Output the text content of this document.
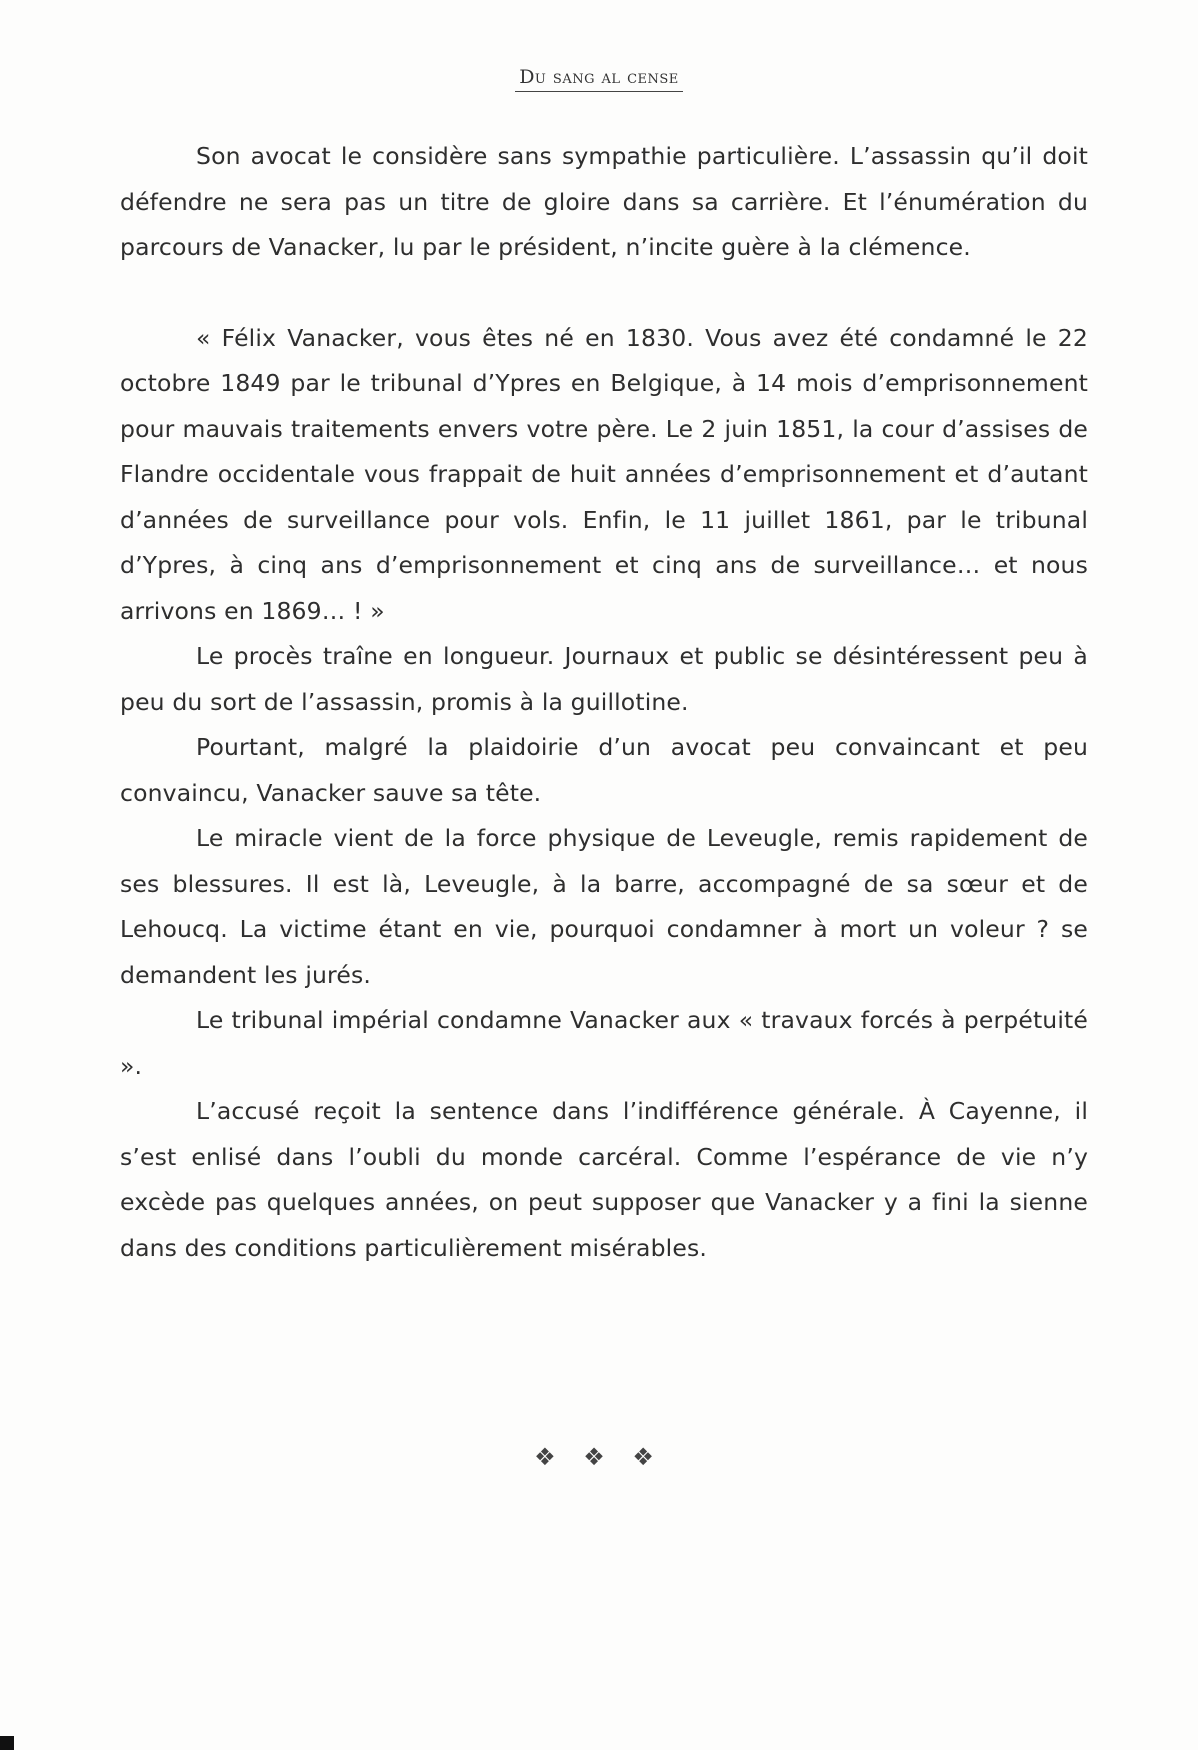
Du sang al cense

Son avocat le considère sans sympathie particulière. L’assassin qu’il doit défendre ne sera pas un titre de gloire dans sa carrière. Et l’énumération du parcours de Vanacker, lu par le président, n’incite guère à la clémence.

« Félix Vanacker, vous êtes né en 1830. Vous avez été condamné le 22 octobre 1849 par le tribunal d’Ypres en Belgique, à 14 mois d’emprisonnement pour mauvais traitements envers votre père. Le 2 juin 1851, la cour d’assises de Flandre occidentale vous frappait de huit années d’emprisonnement et d’autant d’années de surveillance pour vols. Enfin, le 11 juillet 1861, par le tribunal d’Ypres, à cinq ans d’emprisonnement et cinq ans de surveillance… et nous arrivons en 1869… ! »

Le procès traîne en longueur. Journaux et public se désintéressent peu à peu du sort de l’assassin, promis à la guillotine.

Pourtant, malgré la plaidoirie d’un avocat peu convaincant et peu convaincu, Vanacker sauve sa tête.

Le miracle vient de la force physique de Leveugle, remis rapidement de ses blessures. Il est là, Leveugle, à la barre, accompagné de sa sœur et de Lehoucq. La victime étant en vie, pourquoi condamner à mort un voleur ? se demandent les jurés.

Le tribunal impérial condamne Vanacker aux « travaux forcés à perpétuité ».

L’accusé reçoit la sentence dans l’indifférence générale. À Cayenne, il s’est enlisé dans l’oubli du monde carcéral. Comme l’espérance de vie n’y excède pas quelques années, on peut supposer que Vanacker y a fini la sienne dans des conditions particulièrement misérables.

❖ ❖ ❖
